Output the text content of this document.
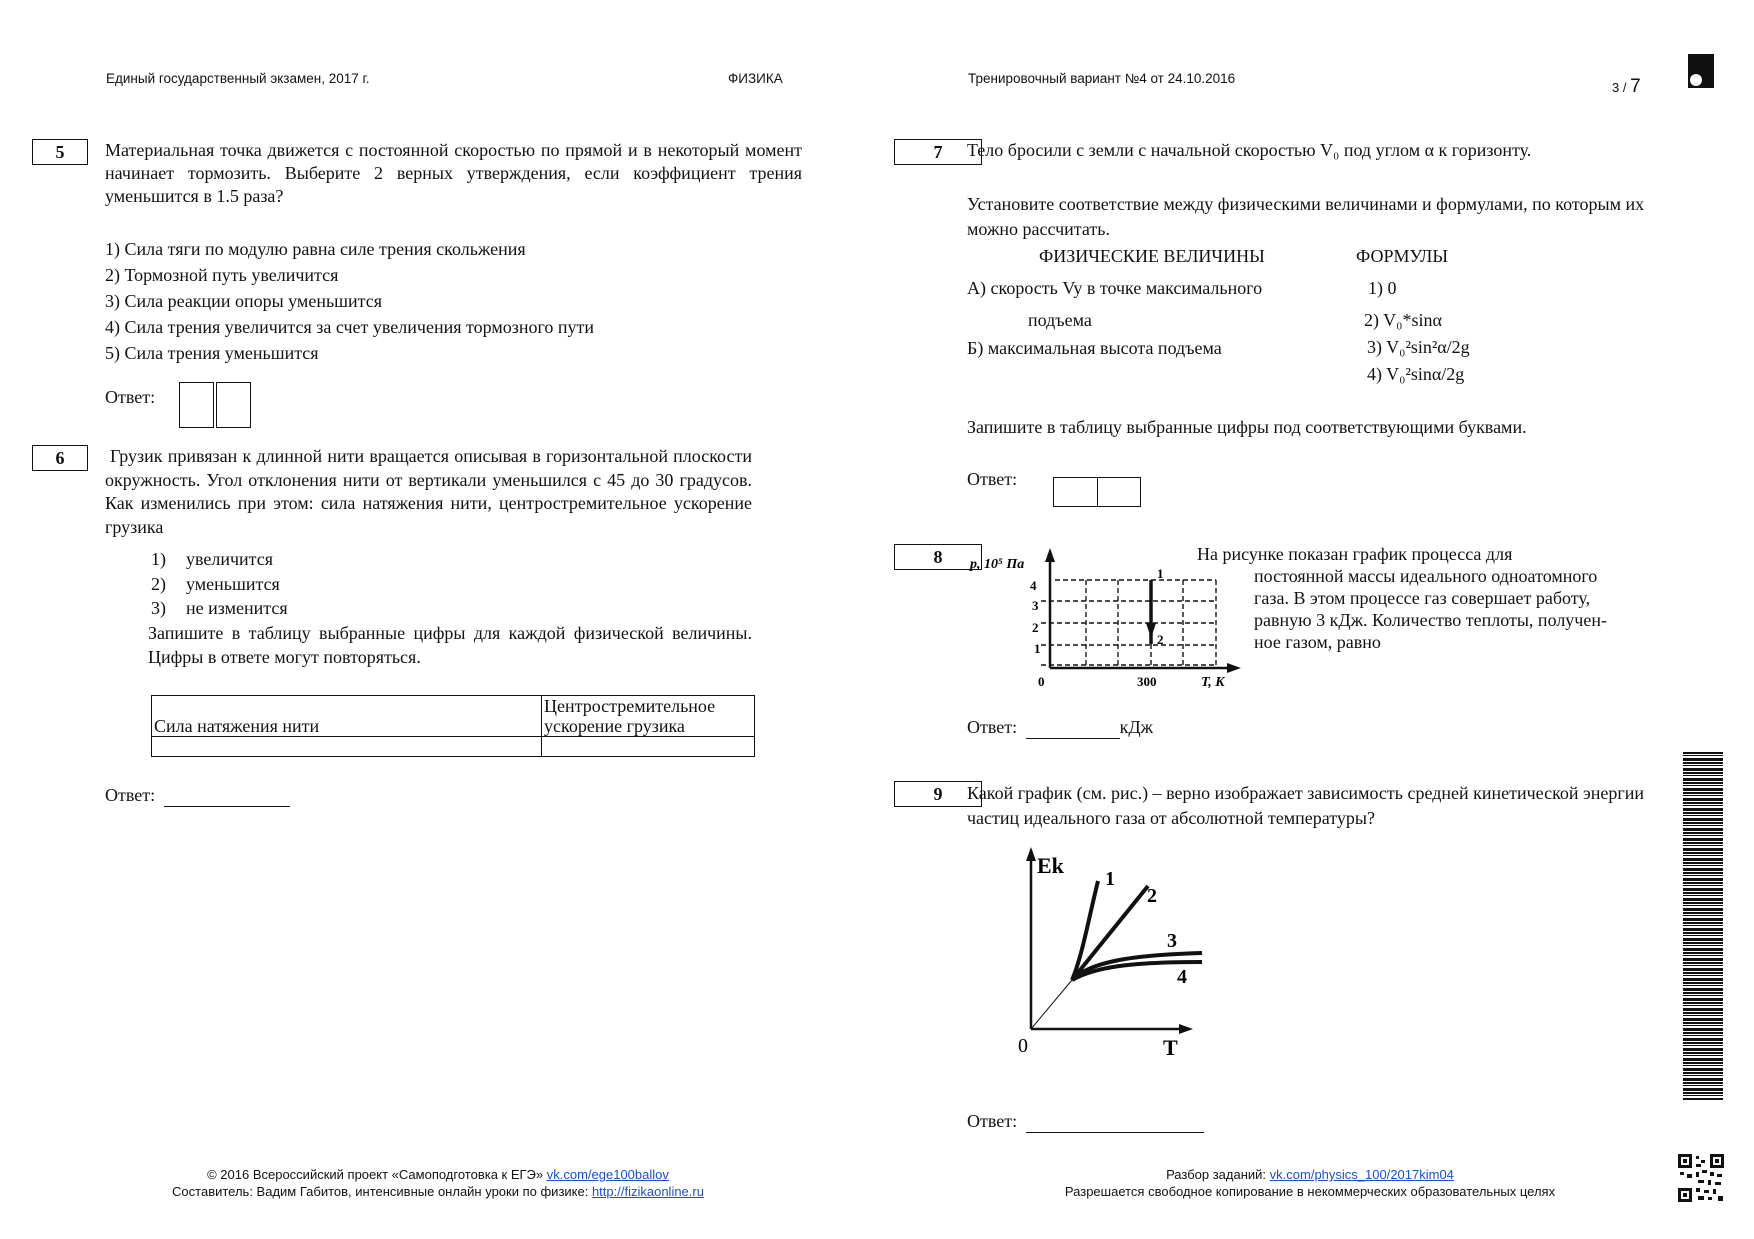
Единый государственный экзамен, 2017 г.	ФИЗИКА	Тренировочный вариант №4 от 24.10.2016
3 / 7
5	Материальная точка движется с постоянной скоростью по прямой и в некоторый момент начинает тормозить. Выберите 2 верных утверждения, если коэффициент трения уменьшится в 1.5 раза?
1) Сила тяги по модулю равна силе трения скольжения
2) Тормозной путь увеличится
3) Сила реакции опоры уменьшится
4) Сила трения увеличится за счет увеличения тормозного пути
5) Сила трения уменьшится
Ответ:
6	Грузик привязан к длинной нити вращается описывая в горизонтальной плоскости окружность. Угол отклонения нити от вертикали уменьшился с 45 до 30 градусов. Как изменились при этом: сила натяжения нити, центростремительное ускорение грузика
1) увеличится
2) уменьшится
3) не изменится
Запишите в таблицу выбранные цифры для каждой физической величины. Цифры в ответе могут повторяться.
Сила натяжения нити	Центростремительное
ускорение грузика

Ответ:
7	Тело бросили с земли с начальной скоростью V₀ под углом α к горизонту.
Установите соответствие между физическими величинами и формулами, по которым их можно рассчитать.
ФИЗИЧЕСКИЕ ВЕЛИЧИНЫ	ФОРМУЛЫ
А) скорость Vy в точке максимального
подъема
Б) максимальная высота подъема
1) 0
2) V₀*sinα
3) V₀²sin²α/2g
4) V₀²sinα/2g
Запишите в таблицу выбранные цифры под соответствующими буквами.
Ответ:
8	p, 10⁵ Па
4
3
2
1
0	300	T, K
1
2
На рисунке показан график процесса для
постоянной массы идеального одноатомного
газа. В этом процессе газ совершает работу,
равную 3 кДж. Количество теплоты, получен-
ное газом, равно
Ответ:	кДж
9	Какой график (см. рис.) – верно изображает зависимость средней кинетической энергии частиц идеального газа от абсолютной температуры?
Ek
1
2
3
4
0	T
Ответ:
© 2016 Всероссийский проект «Самоподготовка к ЕГЭ» vk.com/ege100ballov
Составитель: Вадим Габитов, интенсивные онлайн уроки по физике: http://fizikaonline.ru
Разбор заданий: vk.com/physics_100/2017kim04
Разрешается свободное копирование в некоммерческих образовательных целях
